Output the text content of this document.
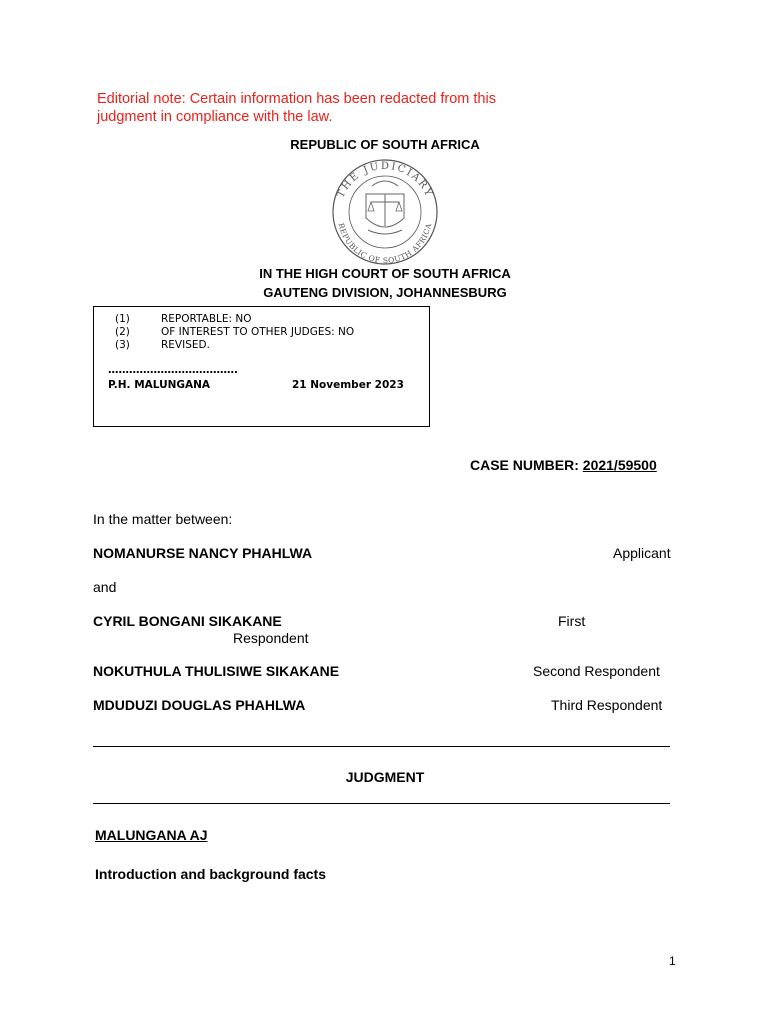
Editorial note: Certain information has been redacted from this judgment in compliance with the law.
REPUBLIC OF SOUTH AFRICA
THE JUDICIARY
REPUBLIC OF SOUTH AFRICA
IN THE HIGH COURT OF SOUTH AFRICA
GAUTENG DIVISION, JOHANNESBURG
(1)	REPORTABLE: NO
(2)	OF INTEREST TO OTHER JUDGES: NO
(3)	REVISED.
……………………………….
P.H. MALUNGANA	21 November 2023
CASE NUMBER: 2021/59500
In the matter between:
NOMANURSE NANCY PHAHLWA	Applicant
and
CYRIL BONGANI SIKAKANE	First
Respondent
NOKUTHULA THULISIWE SIKAKANE	Second Respondent
MDUDUZI DOUGLAS PHAHLWA	Third Respondent
JUDGMENT
MALUNGANA AJ
Introduction and background facts
1
